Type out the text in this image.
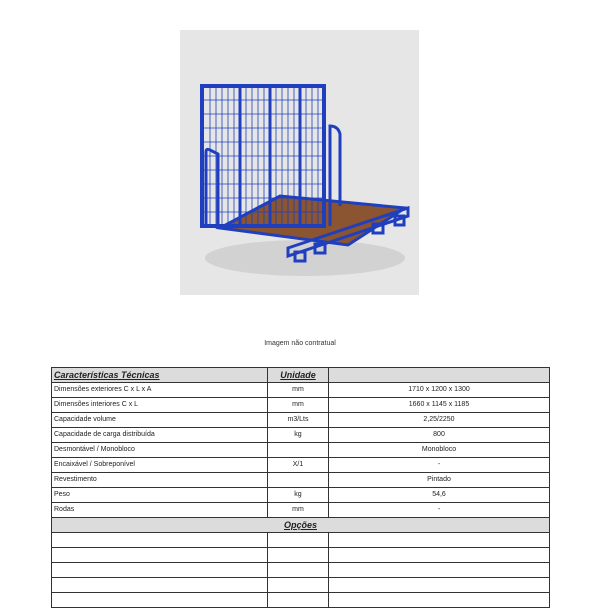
Imagem não contratual
Características Técnicas	Unidade	
Dimensões exteriores C x L x A	mm	1710 x 1200 x 1300
Dimensões interiores C x L	mm	1660 x 1145 x 1185
Capacidade volume	m3/Lts	2,25/2250
Capacidade de carga distribuída	kg	800
Desmontável / Monobloco		Monobloco
Encaixável / Sobreponível	X/1	-
Revestimento		Pintado
Peso	kg	54,6
Rodas	mm	-
Opções		
